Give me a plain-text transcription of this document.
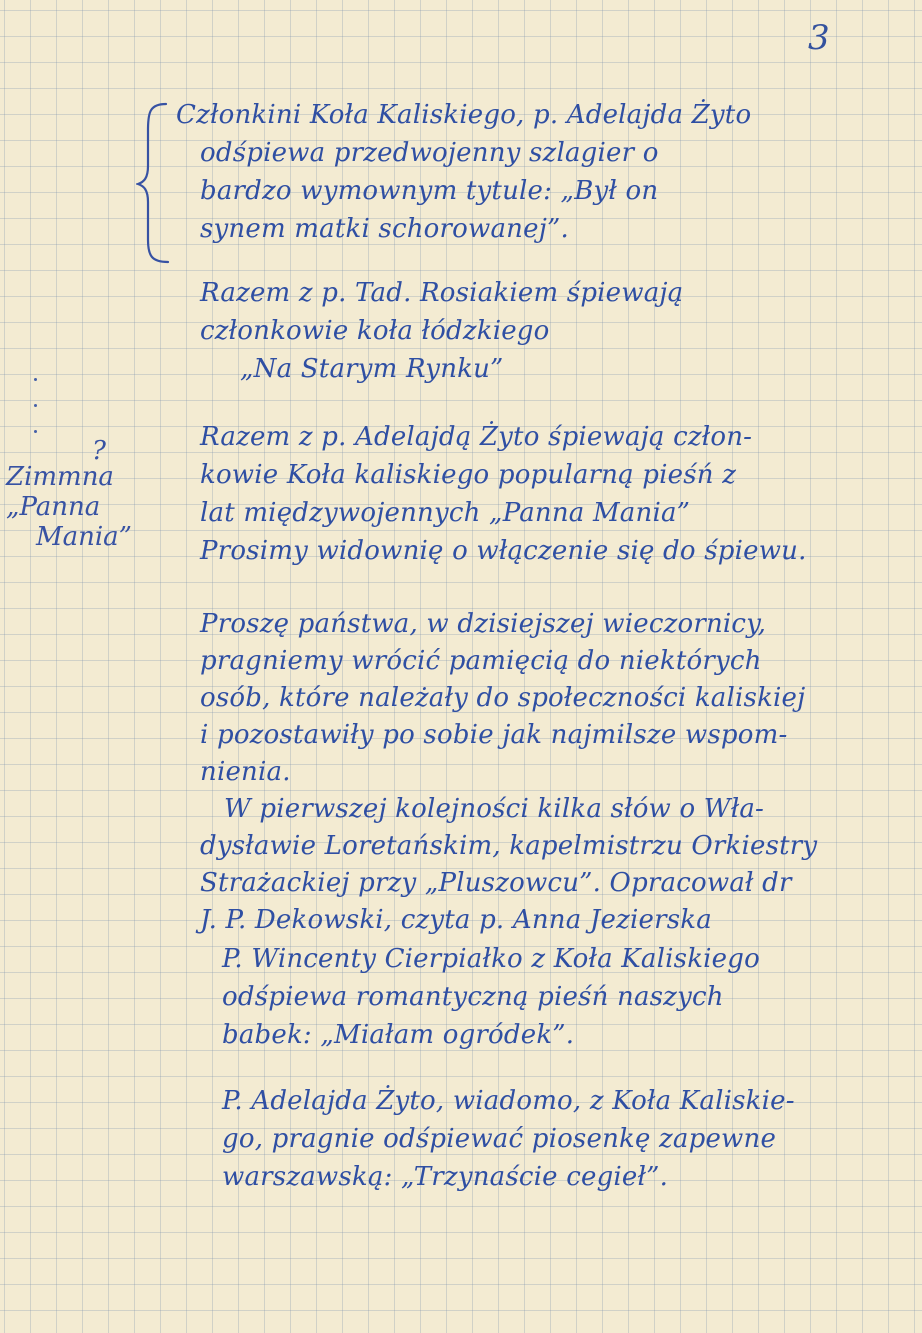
3
?
Zimmna
„Panna
Mania”
Członkini Koła Kaliskiego, p. Adelajda Żyto
odśpiewa przedwojenny szlagier o
bardzo wymownym tytule: „Był on
synem matki schorowanej”.
Razem z p. Tad. Rosiakiem śpiewają
członkowie koła łódzkiego
„Na Starym Rynku”
Razem z p. Adelajdą Żyto śpiewają człon-
kowie Koła kaliskiego popularną pieśń z
lat międzywojennych „Panna Mania”
Prosimy widownię o włączenie się do śpiewu.
Proszę państwa, w dzisiejszej wieczornicy,
pragniemy wrócić pamięcią do niektórych
osób, które należały do społeczności kaliskiej
i pozostawiły po sobie jak najmilsze wspom-
nienia.
W pierwszej kolejności kilka słów o Wła-
dysławie Loretańskim, kapelmistrzu Orkiestry
Strażackiej przy „Pluszowcu”. Opracował dr
J. P. Dekowski, czyta p. Anna Jezierska
P. Wincenty Cierpiałko z Koła Kaliskiego
odśpiewa romantyczną pieśń naszych
babek: „Miałam ogródek”.
P. Adelajda Żyto, wiadomo, z Koła Kaliskie-
go, pragnie odśpiewać piosenkę zapewne
warszawską: „Trzynaście cegieł”.
